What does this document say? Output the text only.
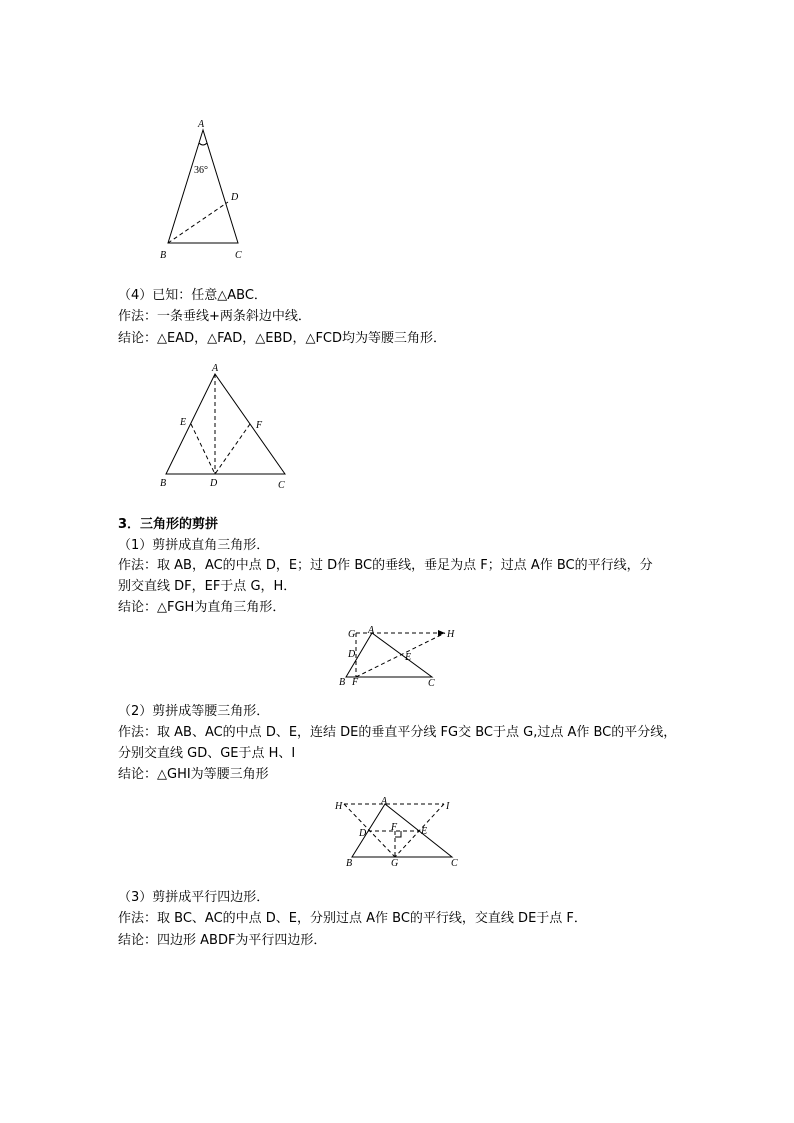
A
B	C
D
36°
（4）已知：任意△ABC．
作法：一条垂线+两条斜边中线．
结论：△EAD，△FAD，△EBD，△FCD均为等腰三角形．
A
E	F
B	D	C
3．三角形的剪拼
（1）剪拼成直角三角形．
作法：取 AB，AC的中点 D，E；过 D作 BC的垂线，垂足为点 F；过点 A作 BC的平行线，分
别交直线 DF，EF于点 G，H．
结论：△FGH为直角三角形．
G A	H
D	E
B F	C
（2）剪拼成等腰三角形．
作法：取 AB、AC的中点 D、E，连结 DE的垂直平分线 FG交 BC于点 G,过点 A作 BC的平分线，
分别交直线 GD、GE于点 H、I
结论：△GHI为等腰三角形
H	A	I
D
F E
B	G	C
（3）剪拼成平行四边形．
作法：取 BC、AC的中点 D、E，分别过点 A作 BC的平行线，交直线 DE于点 F．
结论：四边形 ABDF为平行四边形．
